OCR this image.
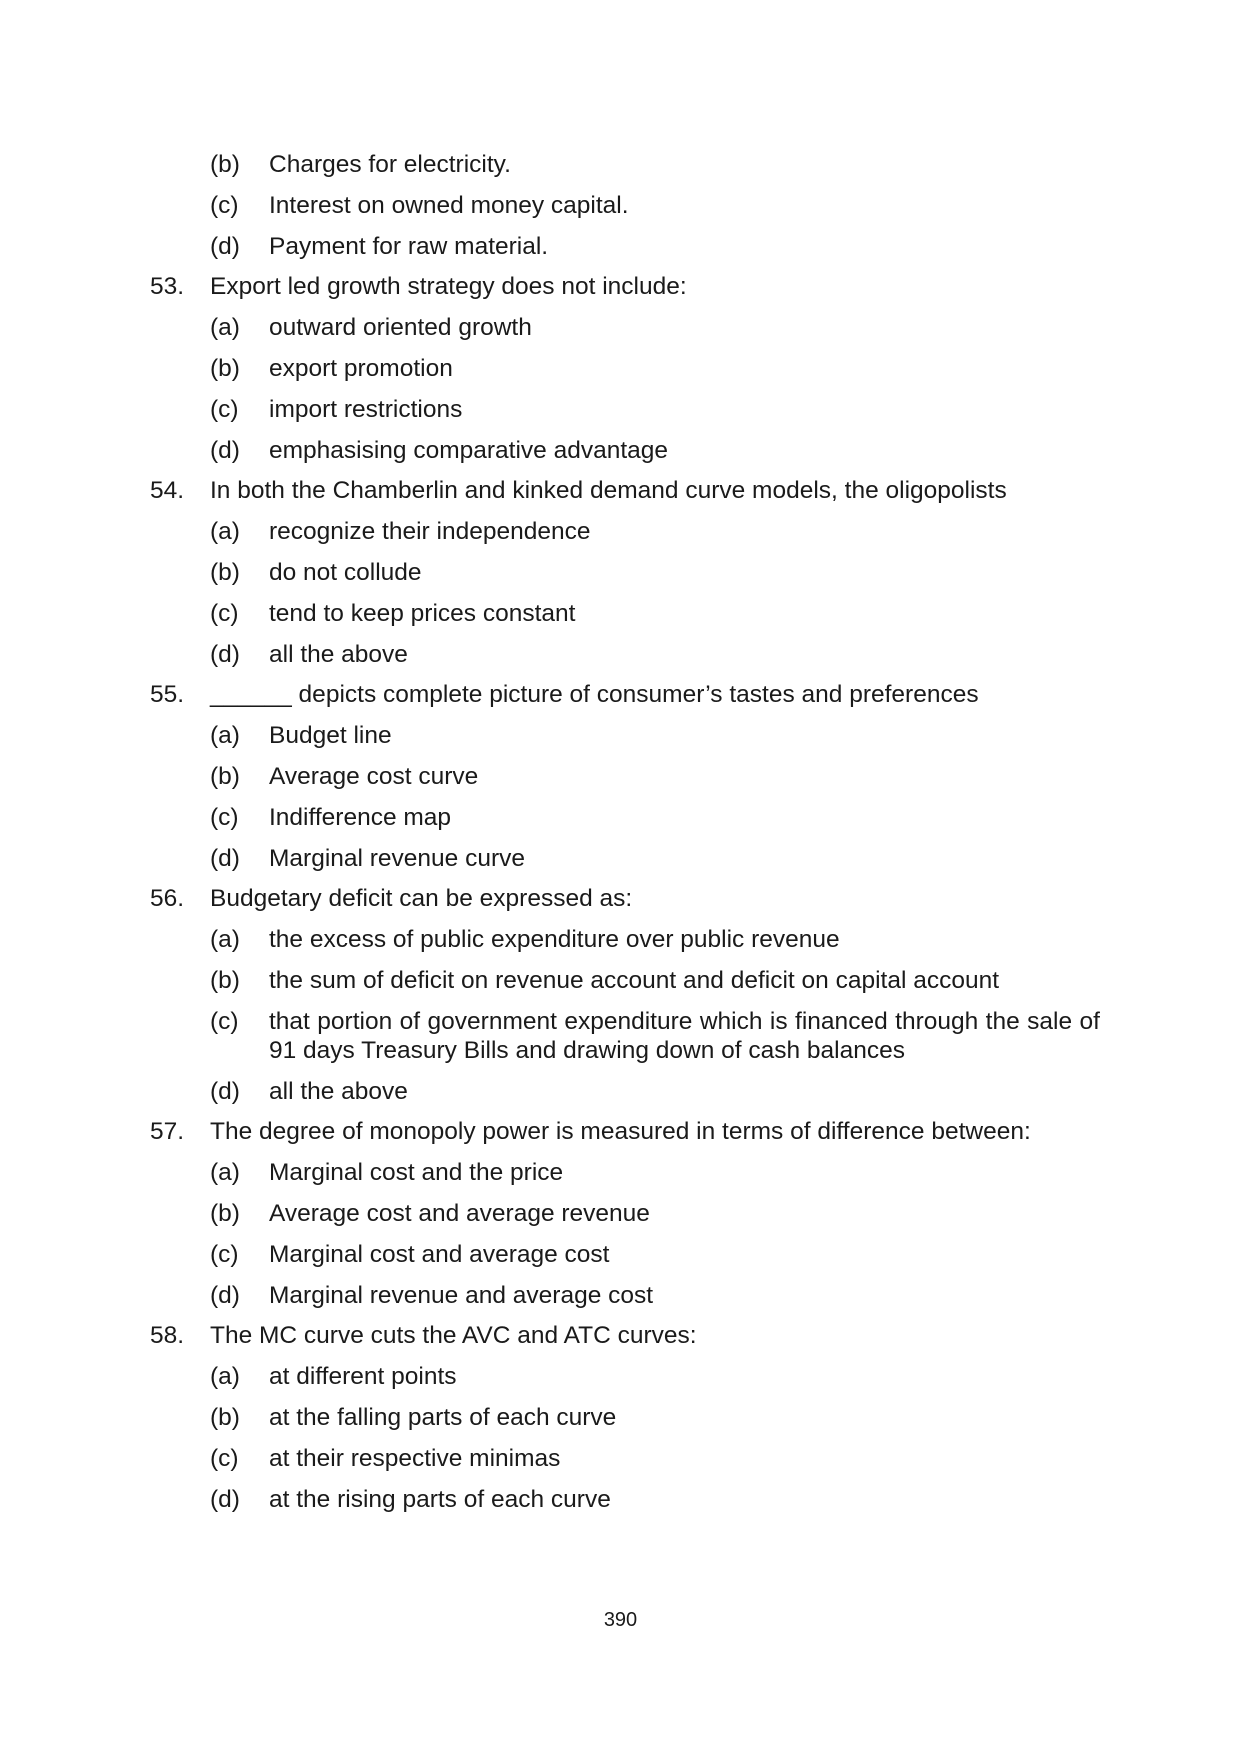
(b)	Charges for electricity.
(c)	Interest on owned money capital.
(d)	Payment for raw material.
53.	Export led growth strategy does not include:
(a)	outward oriented growth
(b)	export promotion
(c)	import restrictions
(d)	emphasising comparative advantage
54.	In both the Chamberlin and kinked demand curve models, the oligopolists
(a)	recognize their independence
(b)	do not collude
(c)	tend to keep prices constant
(d)	all the above
55.	______ depicts complete picture of consumer’s tastes and preferences
(a)	Budget line
(b)	Average cost curve
(c)	Indifference map
(d)	Marginal revenue curve
56.	Budgetary deficit can be expressed as:
(a)	the excess of public expenditure over public revenue
(b)	the sum of deficit on revenue account and deficit on capital account
(c)	that portion of government expenditure which is financed through the sale of 91 days Treasury Bills and drawing down of cash balances
(d)	all the above
57.	The degree of monopoly power is measured in terms of difference between:
(a)	Marginal cost and the price
(b)	Average cost and average revenue
(c)	Marginal cost and average cost
(d)	Marginal revenue and average cost
58.	The MC curve cuts the AVC and ATC curves:
(a)	at different points
(b)	at the falling parts of each curve
(c)	at their respective minimas
(d)	at the rising parts of each curve
390
